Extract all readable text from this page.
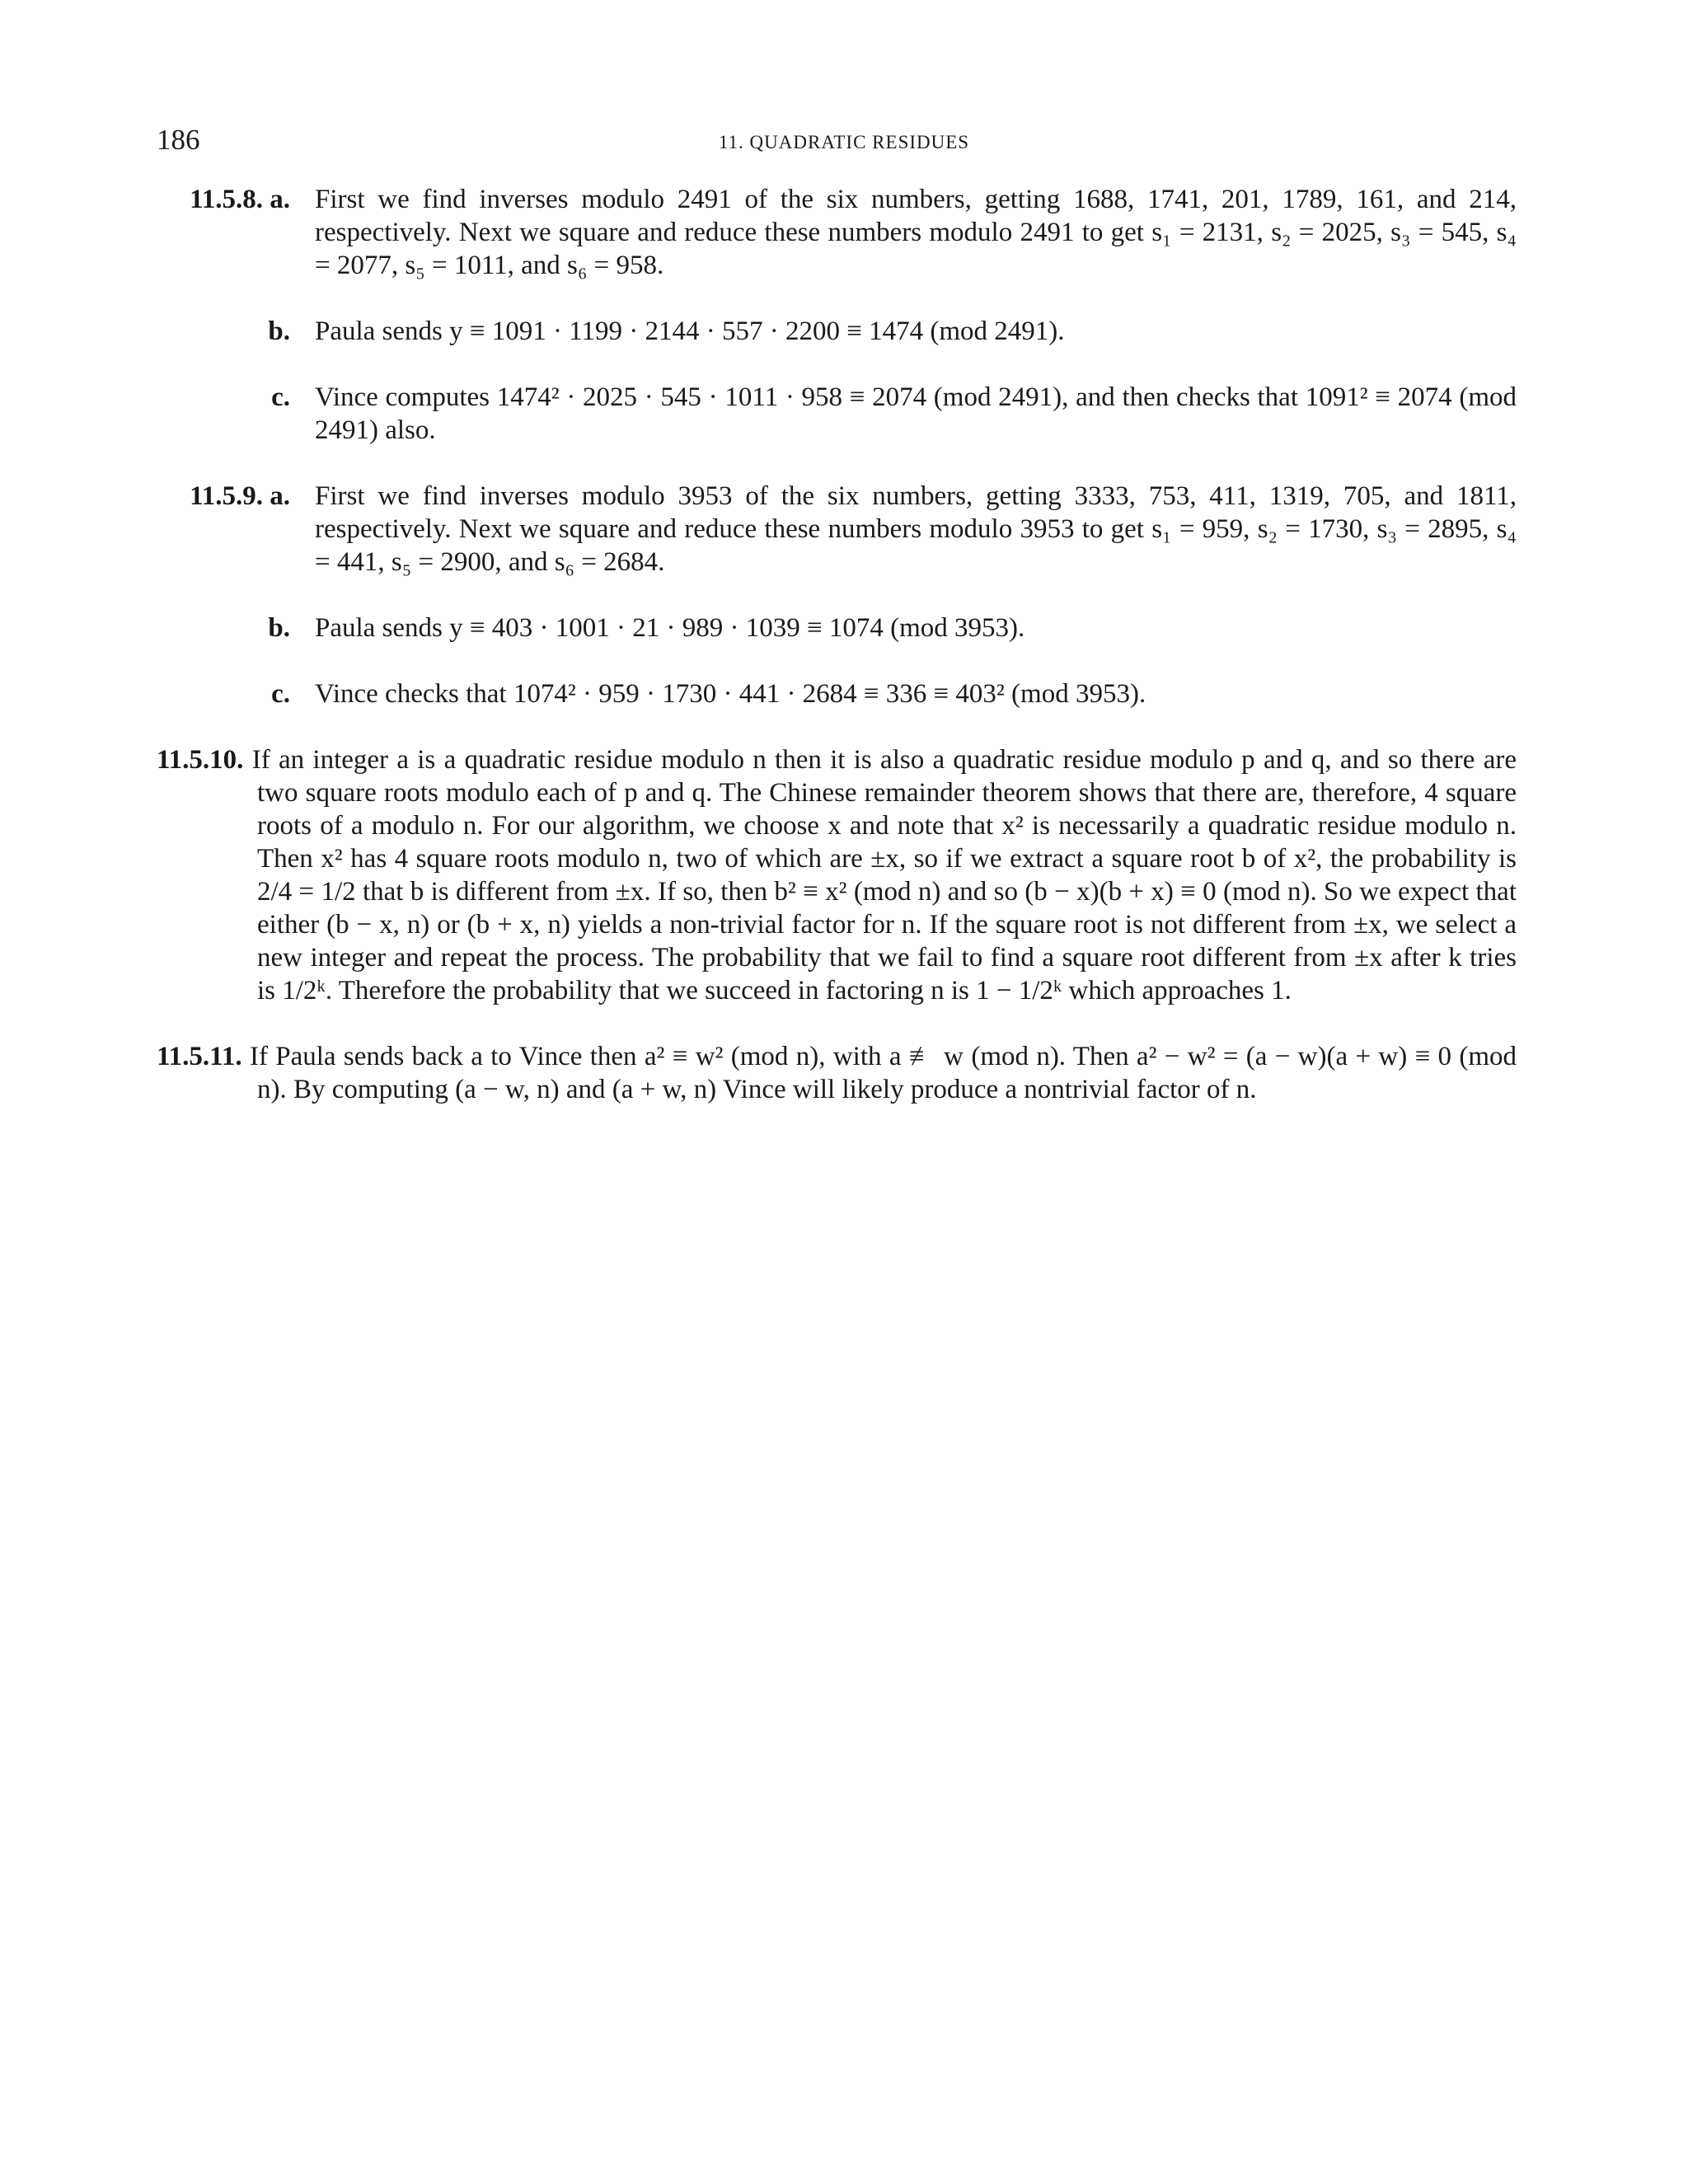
186	11. QUADRATIC RESIDUES
11.5.8. a. First we find inverses modulo 2491 of the six numbers, getting 1688, 1741, 201, 1789, 161, and 214, respectively. Next we square and reduce these numbers modulo 2491 to get s₁ = 2131, s₂ = 2025, s₃ = 545, s₄ = 2077, s₅ = 1011, and s₆ = 958.
b. Paula sends y ≡ 1091 · 1199 · 2144 · 557 · 2200 ≡ 1474 (mod 2491).
c. Vince computes 1474² · 2025 · 545 · 1011 · 958 ≡ 2074 (mod 2491), and then checks that 1091² ≡ 2074 (mod 2491) also.
11.5.9. a. First we find inverses modulo 3953 of the six numbers, getting 3333, 753, 411, 1319, 705, and 1811, respectively. Next we square and reduce these numbers modulo 3953 to get s₁ = 959, s₂ = 1730, s₃ = 2895, s₄ = 441, s₅ = 2900, and s₆ = 2684.
b. Paula sends y ≡ 403 · 1001 · 21 · 989 · 1039 ≡ 1074 (mod 3953).
c. Vince checks that 1074² · 959 · 1730 · 441 · 2684 ≡ 336 ≡ 403² (mod 3953).
11.5.10. If an integer a is a quadratic residue modulo n then it is also a quadratic residue modulo p and q, and so there are two square roots modulo each of p and q. The Chinese remainder theorem shows that there are, therefore, 4 square roots of a modulo n. For our algorithm, we choose x and note that x² is necessarily a quadratic residue modulo n. Then x² has 4 square roots modulo n, two of which are ±x, so if we extract a square root b of x², the probability is 2/4 = 1/2 that b is different from ±x. If so, then b² ≡ x² (mod n) and so (b − x)(b + x) ≡ 0 (mod n). So we expect that either (b − x, n) or (b + x, n) yields a non-trivial factor for n. If the square root is not different from ±x, we select a new integer and repeat the process. The probability that we fail to find a square root different from ±x after k tries is 1/2ᵏ. Therefore the probability that we succeed in factoring n is 1 − 1/2ᵏ which approaches 1.
11.5.11. If Paula sends back a to Vince then a² ≡ w² (mod n), with a ≢ w (mod n). Then a² − w² = (a − w)(a + w) ≡ 0 (mod n). By computing (a − w, n) and (a + w, n) Vince will likely produce a nontrivial factor of n.
